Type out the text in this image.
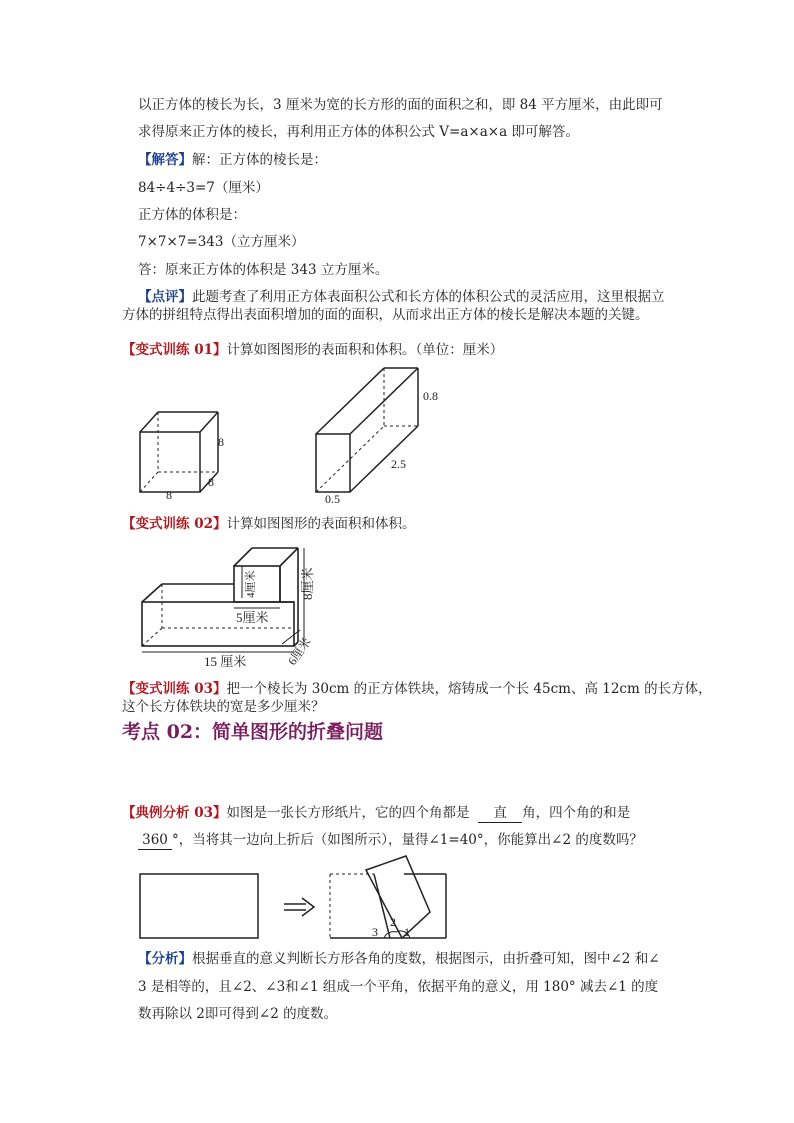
以正方体的棱长为长，3 厘米为宽的长方形的面的面积之和，即 84 平方厘米，由此即可
求得原来正方体的棱长，再利用正方体的体积公式 V=a×a×a 即可解答。
【解答】解：正方体的棱长是：
84÷4÷3=7（厘米）
正方体的体积是：
7×7×7=343（立方厘米）
答：原来正方体的体积是 343 立方厘米。
【点评】此题考查了利用正方体表面积公式和长方体的体积公式的灵活应用，这里根据立
方体的拼组特点得出表面积增加的面的面积，从而求出正方体的棱长是解决本题的关键。
【变式训练 01】计算如图图形的表面积和体积。（单位：厘米）
8
8
8
0.8
2.5
0.5
【变式训练 02】计算如图图形的表面积和体积。
15 厘米
5厘米
8厘米
4厘米
6厘米
【变式训练 03】把一个棱长为 30cm 的正方体铁块，熔铸成一个长 45cm、高 12cm 的长方体，
这个长方体铁块的宽是多少厘米？
考点 02：简单图形的折叠问题
【典例分析 03】如图是一张长方形纸片，它的四个角都是 直 角，四个角的和是
360 °，当将其一边向上折后（如图所示），量得∠1=40°，你能算出∠2 的度数吗？
3
2
1
【分析】根据垂直的意义判断长方形各角的度数，根据图示，由折叠可知，图中∠2 和∠
3 是相等的，且∠2、∠3和∠1 组成一个平角，依据平角的意义，用 180° 减去∠1 的度
数再除以 2即可得到∠2 的度数。
